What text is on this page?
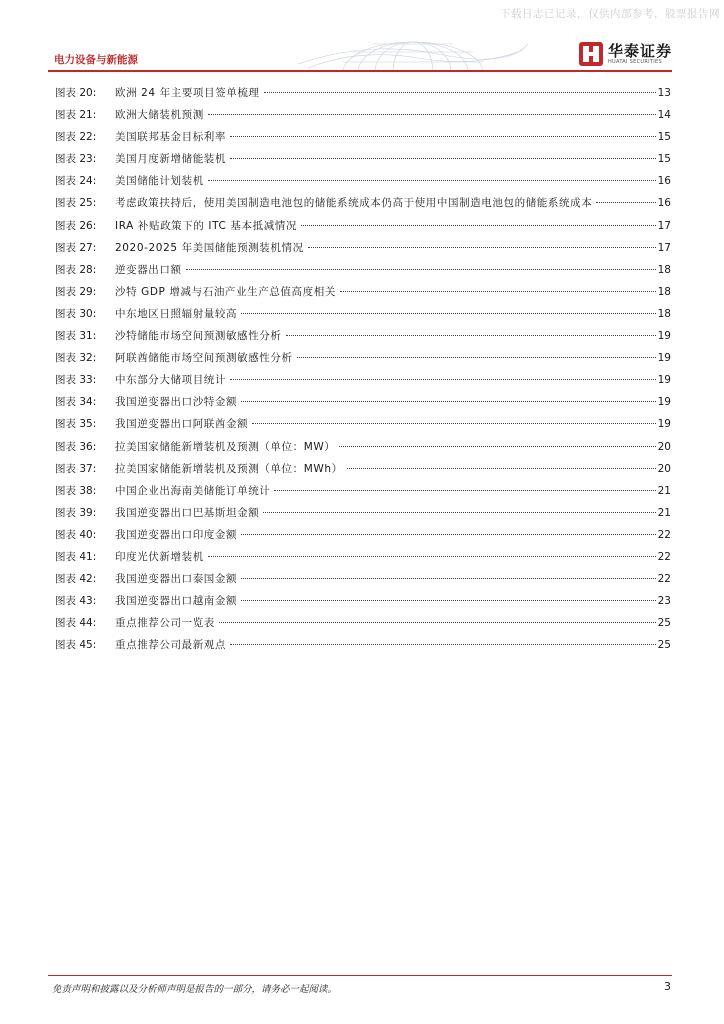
下载日志已记录，仅供内部参考，股票报告网
电力设备与新能源
华泰证券
HUATAI SECURITIES
图表 20:	欧洲 24 年主要项目签单梳理	13
图表 21:	欧洲大储装机预测	14
图表 22:	美国联邦基金目标利率	15
图表 23:	美国月度新增储能装机	15
图表 24:	美国储能计划装机	16
图表 25:	考虑政策扶持后，使用美国制造电池包的储能系统成本仍高于使用中国制造电池包的储能系统成本	16
图表 26:	IRA 补贴政策下的 ITC 基本抵减情况	17
图表 27:	2020-2025 年美国储能预测装机情况	17
图表 28:	逆变器出口额	18
图表 29:	沙特 GDP 增减与石油产业生产总值高度相关	18
图表 30:	中东地区日照辐射量较高	18
图表 31:	沙特储能市场空间预测敏感性分析	19
图表 32:	阿联酋储能市场空间预测敏感性分析	19
图表 33:	中东部分大储项目统计	19
图表 34:	我国逆变器出口沙特金额	19
图表 35:	我国逆变器出口阿联酋金额	19
图表 36:	拉美国家储能新增装机及预测（单位：MW）	20
图表 37:	拉美国家储能新增装机及预测（单位：MWh）	20
图表 38:	中国企业出海南美储能订单统计	21
图表 39:	我国逆变器出口巴基斯坦金额	21
图表 40:	我国逆变器出口印度金额	22
图表 41:	印度光伏新增装机	22
图表 42:	我国逆变器出口泰国金额	22
图表 43:	我国逆变器出口越南金额	23
图表 44:	重点推荐公司一览表	25
图表 45:	重点推荐公司最新观点	25
免责声明和披露以及分析师声明是报告的一部分，请务必一起阅读。	3
